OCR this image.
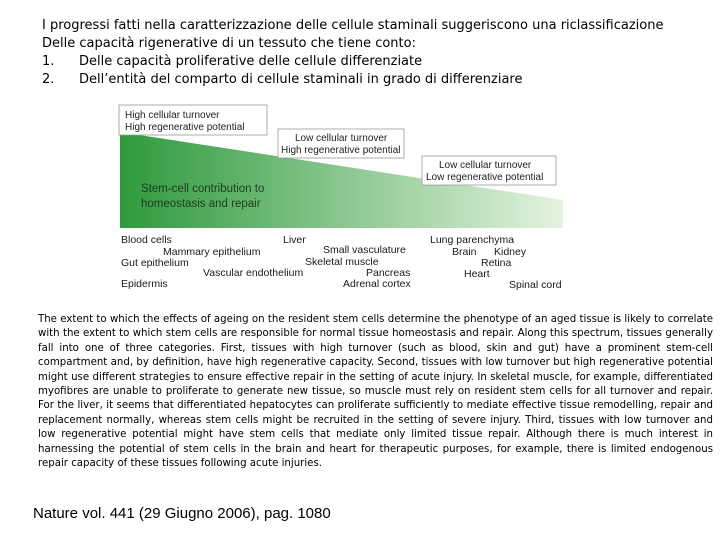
I progressi fatti nella caratterizzazione delle cellule staminali suggeriscono una riclassificazione
Delle capacità rigenerative di un tessuto che tiene conto:
1. Delle capacità proliferative delle cellule differenziate
2. Dell’entità del comparto di cellule staminali in grado di differenziare
High cellular turnover
High regenerative potential
Low cellular turnover
High regenerative potential
Low cellular turnover
Low regenerative potential
Stem-cell contribution to
homeostasis and repair
Blood cells
Mammary epithelium
Gut epithelium
Vascular endothelium
Epidermis
Liver
Small vasculature
Skeletal muscle
Pancreas
Adrenal cortex
Lung parenchyma
Brain Kidney
Retina
Heart
Spinal cord
The extent to which the effects of ageing on the resident stem cells determine the phenotype of an aged tissue is likely to correlate with the extent to which stem cells are responsible for normal tissue homeostasis and repair. Along this spectrum, tissues generally fall into one of three categories. First, tissues with high turnover (such as blood, skin and gut) have a prominent stem-cell compartment and, by definition, have high regenerative capacity. Second, tissues with low turnover but high regenerative potential might use different strategies to ensure effective repair in the setting of acute injury. In skeletal muscle, for example, differentiated myofibres are unable to proliferate to generate new tissue, so muscle must rely on resident stem cells for all turnover and repair. For the liver, it seems that differentiated hepatocytes can proliferate sufficiently to mediate effective tissue remodelling, repair and replacement normally, whereas stem cells might be recruited in the setting of severe injury. Third, tissues with low turnover and low regenerative potential might have stem cells that mediate only limited tissue repair. Although there is much interest in harnessing the potential of stem cells in the brain and heart for therapeutic purposes, for example, there is limited endogenous repair capacity of these tissues following acute injuries.
Nature vol. 441 (29 Giugno 2006), pag. 1080
